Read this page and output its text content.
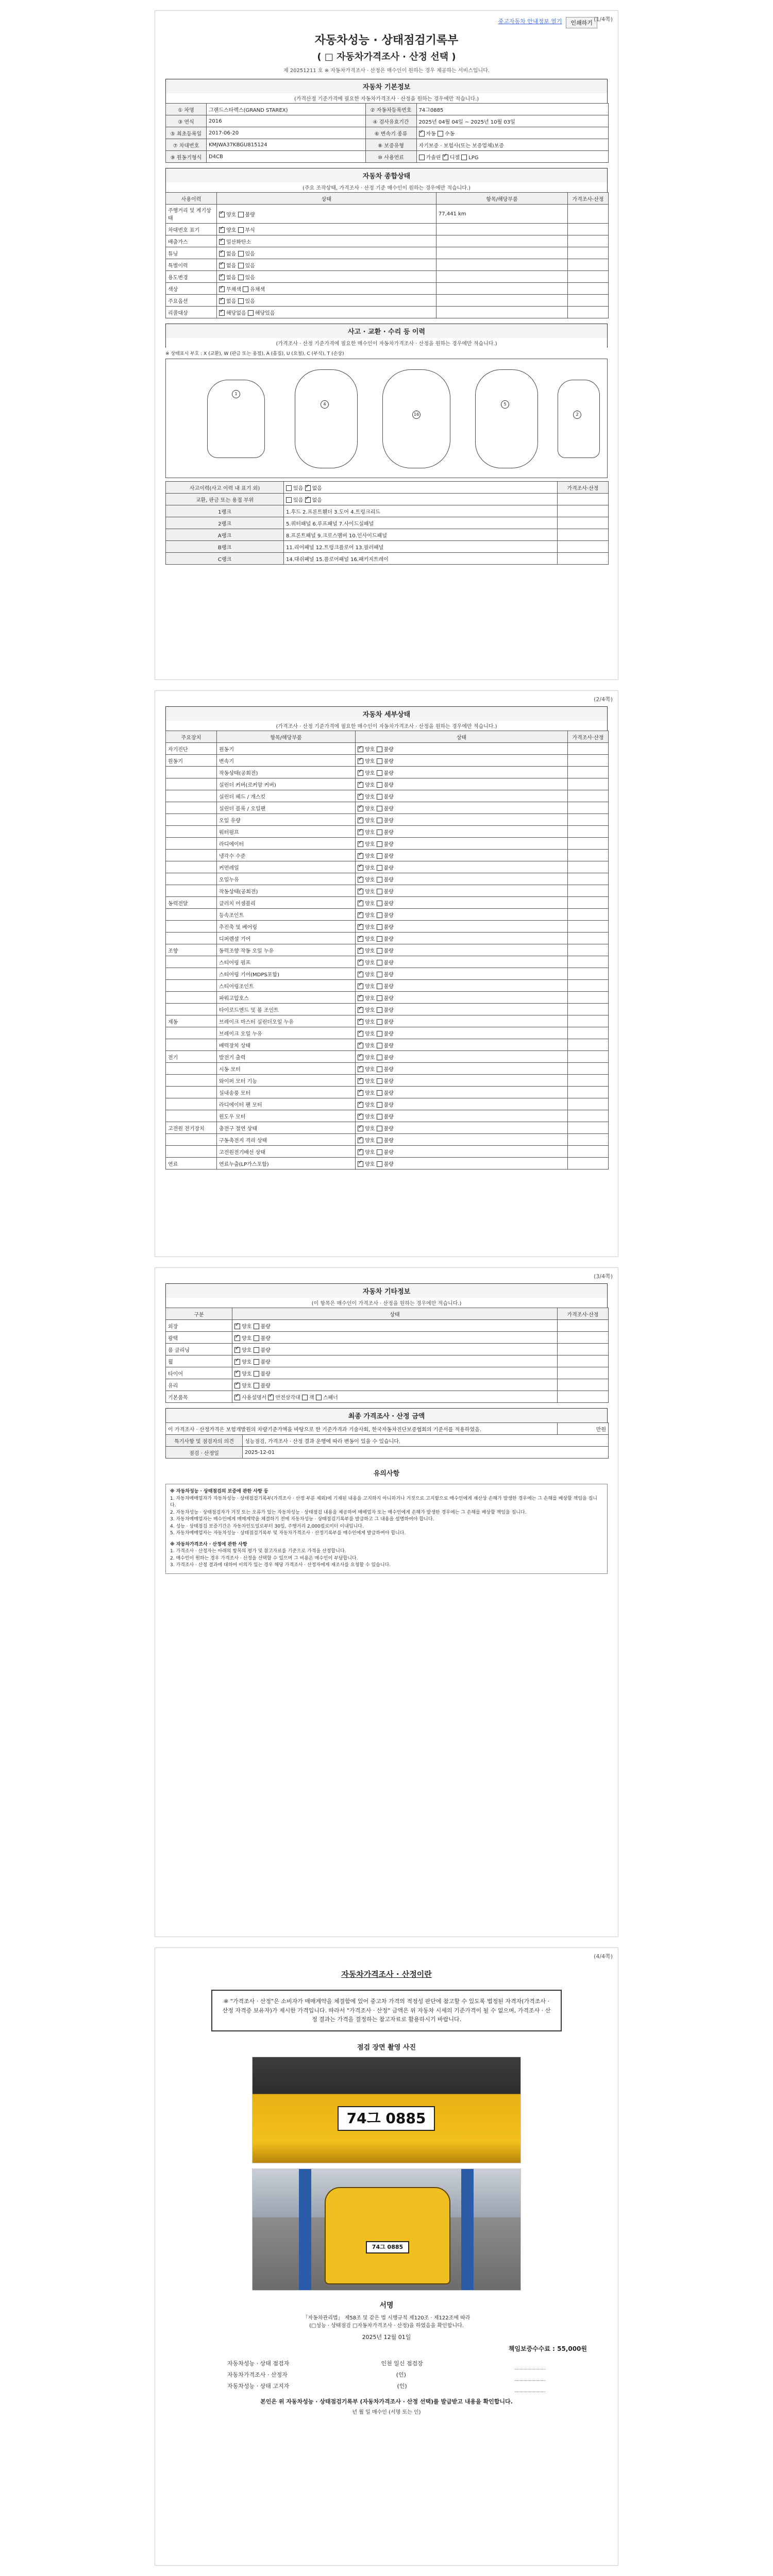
(1/4쪽)
중고자동차 안내정보 열기	인쇄하기
자동차성능 · 상태점검기록부
( □ 자동차가격조사 · 산정 선택 )
제 20251211 호 ※ 자동차가격조사 · 산정은 매수인이 원하는 경우 제공하는 서비스입니다.
자동차 기본정보
(가격산정 기준가격에 필요한 자동차가격조사 · 산정을 원하는 경우에만 적습니다.)
① 차명	그랜드스타렉스(GRAND STAREX)	② 자동차등록번호	74그0885
③ 연식	2016	④ 검사유효기간	2025년 04월 04일 ~ 2025년 10월 03일
⑤ 최초등록일	2017-06-20	⑥ 변속기 종류	✓자동 수동
⑦ 차대번호	KMJWA37KBGU815124	⑧ 보증유형	자기보증 · 보험사(또는 보증업체)보증
⑨ 원동기형식	D4CB	⑩ 사용연료	가솔린 ✓디젤 LPG
자동차 종합상태
(주요 조작상태, 가격조사 · 산정 기준 매수인이 원하는 경우에만 적습니다.)
사용이력	상태	항목/해당부품	가격조사·산정
주행거리 및 계기상태	✓양호 불량	77,441 km	
차대번호 표기	✓양호 부식		
배출가스	✓일산화탄소		
튜닝	✓없음 있음		
특별이력	✓없음 있음		
용도변경	✓없음 있음		
색상	✓무채색 유채색		
주요옵션	✓없음 있음		
리콜대상	✓해당없음 해당있음		
사고 · 교환 · 수리 등 이력
(가격조사 · 산정 기준가격에 필요한 매수인이 자동차가격조사 · 산정을 원하는 경우에만 적습니다.)
※ 상태표시 부호 : X (교환), W (판금 또는 용접), A (흠집), U (요철), C (부식), T (손상)
1
4
16
5
2
사고이력(사고 이력 내 표기 외)	있음 ✓없음	가격조사·산정
교환, 판금 또는 용접 부위	있음 ✓없음	
1랭크	1.후드 2.프론트휀더 3.도어 4.트렁크리드	
2랭크	5.쿼터패널 6.루프패널 7.사이드실패널	
A랭크	8.프론트패널 9.크로스멤버 10.인사이드패널	
B랭크	11.리어패널 12.트렁크플로어 13.필러패널	
C랭크	14.대쉬패널 15.플로어패널 16.패키지트레이	
(2/4쪽)
자동차 세부상태
(가격조사 · 산정 기준가격에 필요한 매수인이 자동차가격조사 · 산정을 원하는 경우에만 적습니다.)
주요장치	항목/해당부품	상태	가격조사·산정
자기진단	원동기	✓양호 불량	
원동기	변속기	✓양호 불량	
	작동상태(공회전)	✓양호 불량	
	실린더 커버(로커암 커버)	✓양호 불량	
	실린더 헤드 / 개스킷	✓양호 불량	
	실린더 블록 / 오일팬	✓양호 불량	
	오일 유량	✓양호 불량	
	워터펌프	✓양호 불량	
	라디에이터	✓양호 불량	
	냉각수 수준	✓양호 불량	
	커먼레일	✓양호 불량	
	오일누유	✓양호 불량	
	작동상태(공회전)	✓양호 불량	
동력전달	클러치 어셈블리	✓양호 불량	
	등속조인트	✓양호 불량	
	추진축 및 베어링	✓양호 불량	
	디퍼렌셜 기어	✓양호 불량	
조향	동력조향 작동 오일 누유	✓양호 불량	
	스티어링 펌프	✓양호 불량	
	스티어링 기어(MDPS포함)	✓양호 불량	
	스티어링조인트	✓양호 불량	
	파워고압호스	✓양호 불량	
	타이로드엔드 및 볼 조인트	✓양호 불량	
제동	브레이크 마스터 실린더오일 누유	✓양호 불량	
	브레이크 오일 누유	✓양호 불량	
	배력장치 상태	✓양호 불량	
전기	발전기 출력	✓양호 불량	
	시동 모터	✓양호 불량	
	와이퍼 모터 기능	✓양호 불량	
	실내송풍 모터	✓양호 불량	
	라디에이터 팬 모터	✓양호 불량	
	윈도우 모터	✓양호 불량	
고전원 전기장치	충전구 절연 상태	✓양호 불량	
	구동축전지 격리 상태	✓양호 불량	
	고전원전기배선 상태	✓양호 불량	
연료	연료누출(LP가스포함)	✓양호 불량	
(3/4쪽)
자동차 기타정보
(이 항목은 매수인이 가격조사 · 산정을 원하는 경우에만 적습니다.)
구분	상태	가격조사·산정
외장	✓양호 불량	
광택	✓양호 불량	
룸 클리닝	✓양호 불량	
휠	✓양호 불량	
타이어	✓양호 불량	
유리	✓양호 불량	
기본품목	✓사용설명서 ✓안전삼각대 잭 스패너	
최종 가격조사 · 산정 금액
이 가격조사 · 산정가격은 보험개발원의 차량기준가액을 바탕으로 한 기준가격과 기술사회, 한국자동차진단보증협회의 기준서를 적용하였음.		만원
특기사항 및 점검자의 의견	성능점검, 가격조사 · 산정 결과 운행에 따라 변동이 있을 수 있습니다.	
점검 · 산정일	2025-12-01	
유의사항
※ 자동차성능 · 상태점검의 보증에 관한 사항 등
1. 자동차매매업자가 자동차성능 · 상태점검기록부(가격조사 · 산정 부분 제외)에 기재된 내용을 고지하지 아니하거나 거짓으로 고지함으로 매수인에게 재산상 손해가 발생한 경우에는 그 손해를 배상할 책임을 집니다.
2. 자동차성능 · 상태점검자가 거짓 또는 오류가 있는 자동차성능 · 상태점검 내용을 제공하여 매매업자 또는 매수인에게 손해가 발생한 경우에는 그 손해를 배상할 책임을 집니다.
3. 자동차매매업자는 매수인에게 매매계약을 체결하기 전에 자동차성능 · 상태점검기록부를 발급하고 그 내용을 설명하여야 합니다.
4. 성능 · 상태점검 보증기간은 자동차인도일로부터 30일, 주행거리 2,000킬로미터 이내입니다.
5. 자동차매매업자는 자동차성능 · 상태점검기록부 및 자동차가격조사 · 산정기록부를 매수인에게 발급하여야 합니다.
※ 자동차가격조사 · 산정에 관한 사항
1. 가격조사 · 산정자는 아래의 항목의 평가 및 참고자료를 기준으로 가격을 산정합니다.
2. 매수인이 원하는 경우 가격조사 · 산정을 선택할 수 있으며 그 비용은 매수인이 부담합니다.
3. 가격조사 · 산정 결과에 대하여 이의가 있는 경우 해당 가격조사 · 산정자에게 재조사를 요청할 수 있습니다.
(4/4쪽)
자동차가격조사 · 산정이란
※ "가격조사 · 산정"은 소비자가 매매계약을 체결함에 있어 중고차 가격의 적정성 판단에 참고할 수 있도록 법정된 자격자(가격조사 · 산정 자격증 보유자)가 제시한 가격입니다. 따라서 "가격조사 · 산정" 금액은 위 자동차 시세의 기준가격이 될 수 없으며, 가격조사 · 산정 결과는 가격을 결정하는 참고자료로 활용하시기 바랍니다.
점검 장면 촬영 사진
74그 0885
74그 0885
서명
「자동차관리법」 제58조 및 같은 법 시행규칙 제120조 · 제122조에 따라
(□성능 · 상태점검 □자동차가격조사 · 산정)을 하였음을 확인합니다.
2025년 12월 01일
책임보증수수료 : 55,000원
자동차성능 · 상태 점검자	인천 일신 점검장
자동차가격조사 · 산정자	(인)
자동차성능 · 상태 고지자	(인)
본인은 위 자동차성능 · 상태점검기록부 (자동차가격조사 · 산정 선택)를 발급받고 내용을 확인합니다.
년 월 일 매수인 (서명 또는 인)
